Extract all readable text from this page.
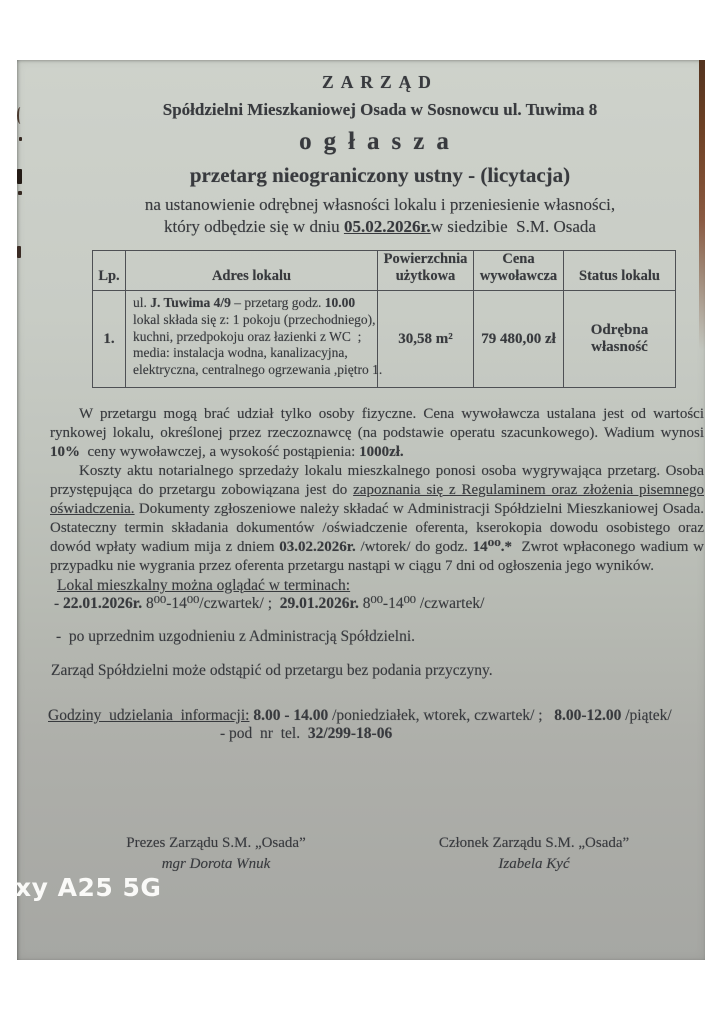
ZARZĄD
Spółdzielni Mieszkaniowej Osada w Sosnowcu ul. Tuwima 8
ogłasza
przetarg nieograniczony ustny - (licytacja)
na ustanowienie odrębnej własności lokalu i przeniesienie własności,
który odbędzie się w dniu 05.02.2026r.w siedzibie  S.M. Osada
Lp.	Adres lokalu	Powierzchnia użytkowa	Cena wywoławcza	Status lokalu
1.	ul. J. Tuwima 4/9 – przetarg godz. 10.00
lokal składa się z: 1 pokoju (przechodniego),
kuchni, przedpokoju oraz łazienki z WC  ;
media: instalacja wodna, kanalizacyjna,
elektryczna, centralnego ogrzewania ,piętro 1.	30,58 m²	79 480,00 zł	Odrębna własność

W przetargu mogą brać udział tylko osoby fizyczne. Cena wywoławcza ustalana jest od wartości rynkowej lokalu, określonej przez rzeczoznawcę (na podstawie operatu szacunkowego). Wadium wynosi 10%  ceny wywoławczej, a wysokość postąpienia: 1000zł.

Koszty aktu notarialnego sprzedaży lokalu mieszkalnego ponosi osoba wygrywająca przetarg. Osoba przystępująca do przetargu zobowiązana jest do zapoznania się z Regulaminem oraz złożenia pisemnego oświadczenia. Dokumenty zgłoszeniowe należy składać w Administracji Spółdzielni Mieszkaniowej Osada. Ostateczny termin składania dokumentów /oświadczenie oferenta, kserokopia dowodu osobistego oraz dowód wpłaty wadium mija z dniem 03.02.2026r. /wtorek/ do godz. 14⁰⁰.*  Zwrot wpłaconego wadium w przypadku nie wygrania przez oferenta przetargu nastąpi w ciągu 7 dni od ogłoszenia jego wyników.

Lokal mieszkalny można oglądać w terminach:
- 22.01.2026r. 8⁰⁰-14⁰⁰/czwartek/ ;  29.01.2026r. 8⁰⁰-14⁰⁰ /czwartek/
-  po uprzednim uzgodnieniu z Administracją Spółdzielni.
Zarząd Spółdzielni może odstąpić od przetargu bez podania przyczyny.
Godziny  udzielania  informacji: 8.00 - 14.00 /poniedziałek, wtorek, czwartek/ ;   8.00-12.00 /piątek/
- pod  nr  tel.  32/299-18-06
Prezes Zarządu S.M. „Osada”
mgr Dorota Wnuk
Członek Zarządu S.M. „Osada”
Izabela Kyć
xy A25 5G
